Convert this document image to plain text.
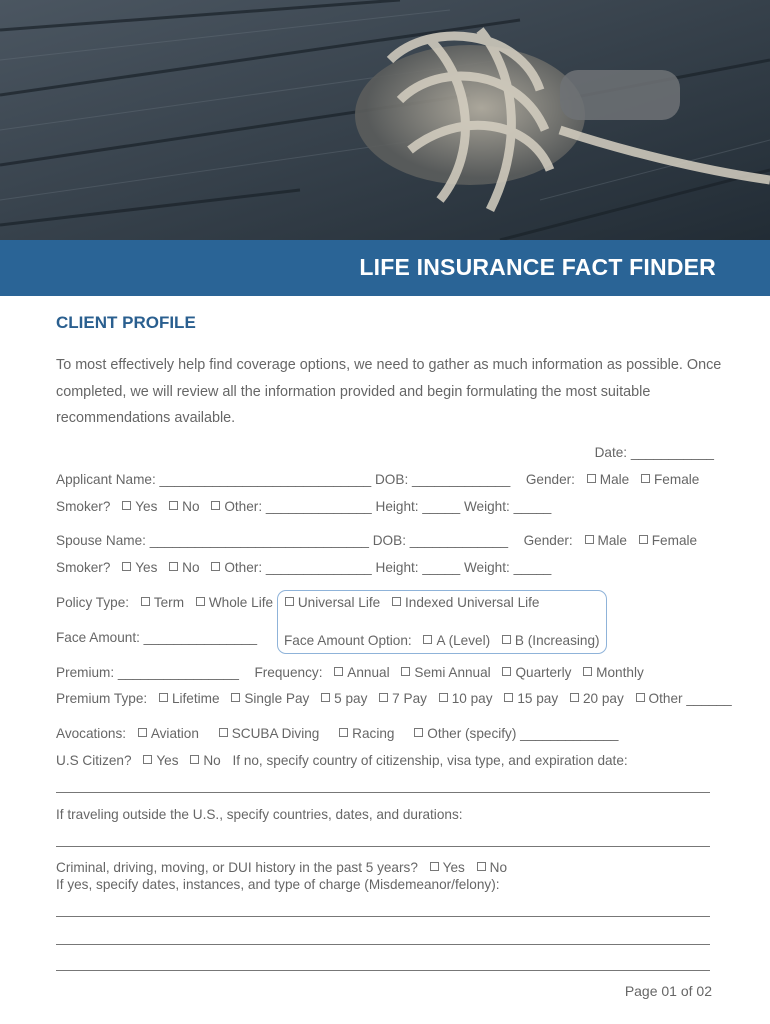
LIFE INSURANCE FACT FINDER
CLIENT PROFILE
To most effectively help find coverage options, we need to gather as much information as possible. Once completed, we will review all the information provided and begin formulating the most suitable recommendations available.
Date: ___________
Applicant Name: ____________________________ DOB: _____________ Gender: Male Female
Smoker? Yes No Other: ______________ Height: _____ Weight: _____
Spouse Name: _____________________________ DOB: _____________ Gender: Male Female
Smoker? Yes No Other: ______________ Height: _____ Weight: _____
Policy Type: Term Whole Life Universal Life Indexed Universal Life
Face Amount: _______________ Face Amount Option: A (Level) B (Increasing)
Premium: ________________ Frequency: Annual Semi Annual Quarterly Monthly
Premium Type: Lifetime Single Pay 5 pay 7 Pay 10 pay 15 pay 20 pay Other ______
Avocations: Aviation SCUBA Diving Racing Other (specify) _____________
U.S Citizen? Yes No If no, specify country of citizenship, visa type, and expiration date:
If traveling outside the U.S., specify countries, dates, and durations:
Criminal, driving, moving, or DUI history in the past 5 years? Yes No
If yes, specify dates, instances, and type of charge (Misdemeanor/felony):
Page 01 of 02
